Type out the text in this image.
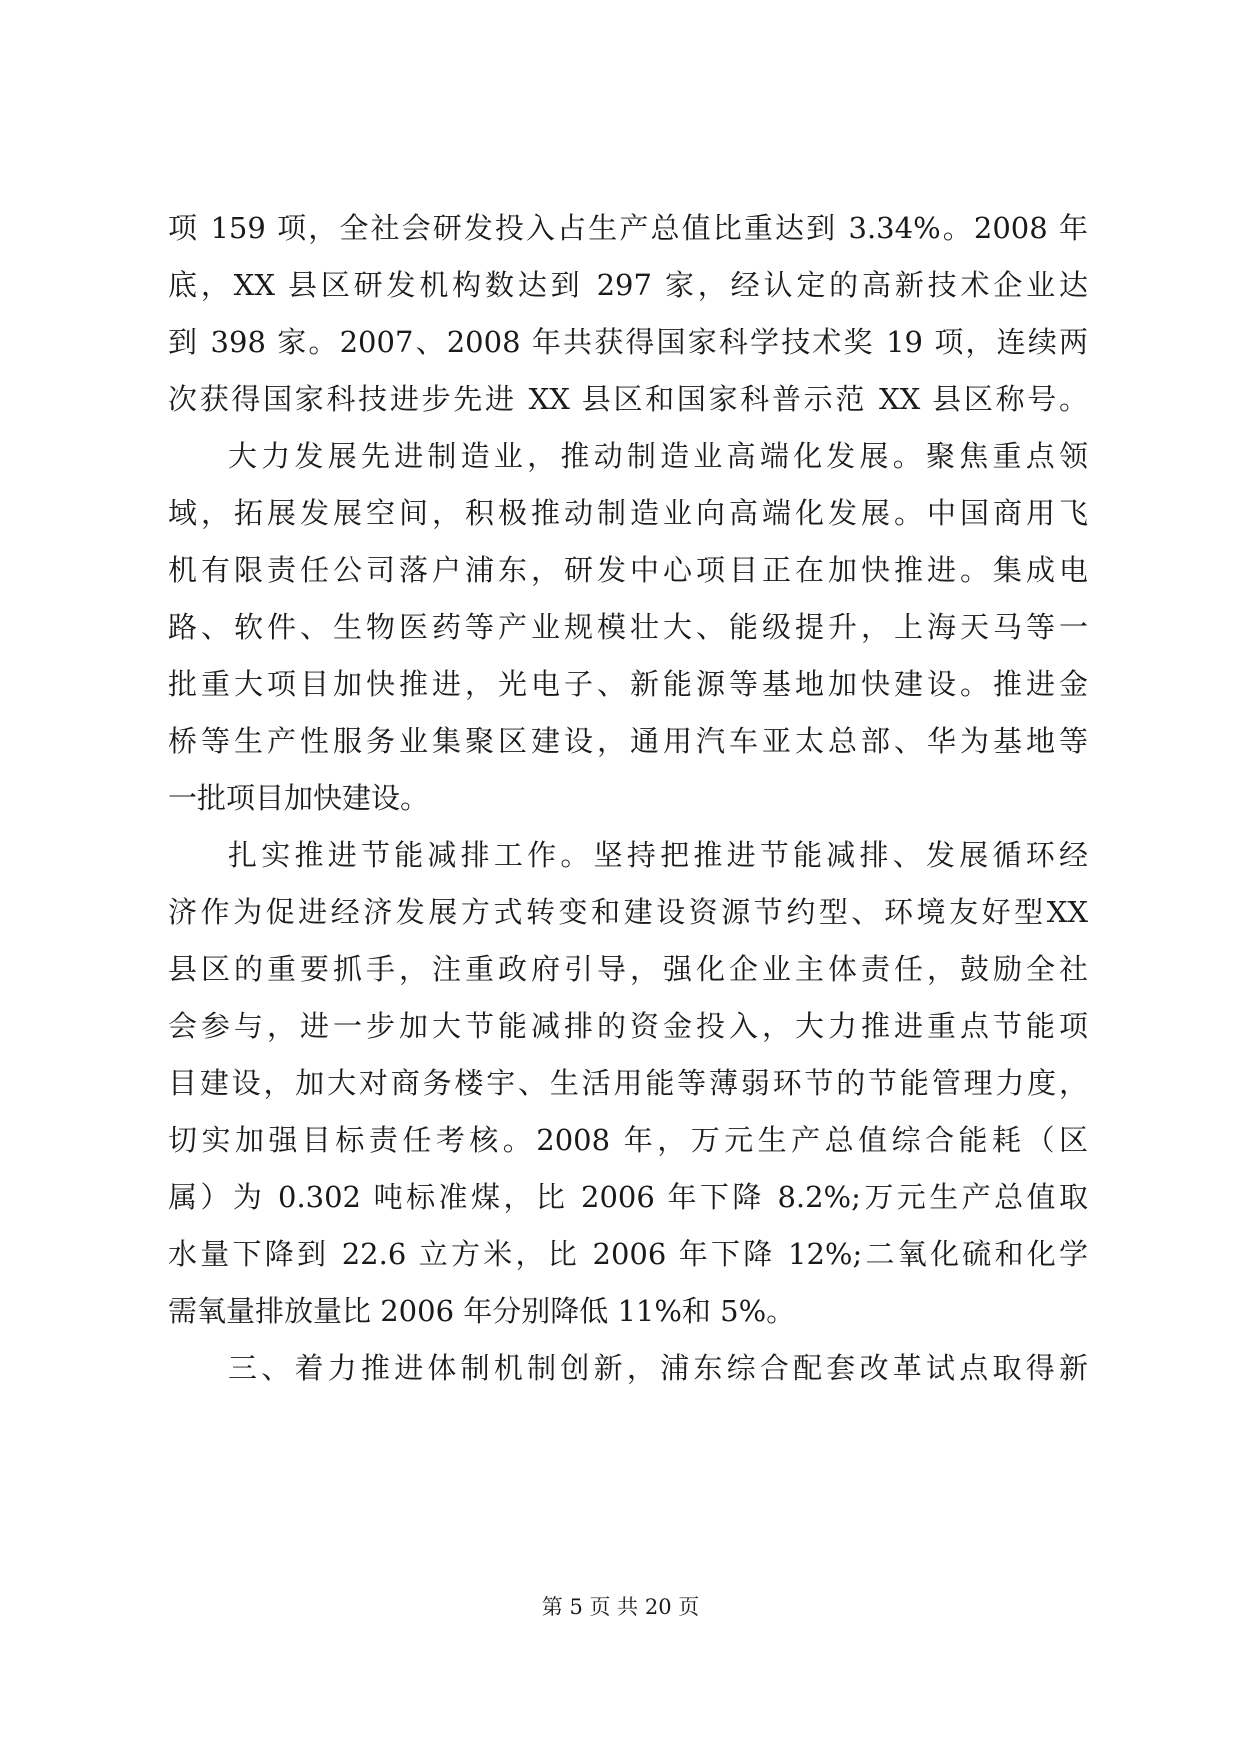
项 159 项，全社会研发投入占生产总值比重达到 3.34%。2008 年
底，XX 县区研发机构数达到 297 家，经认定的高新技术企业达
到 398 家。2007、2008 年共获得国家科学技术奖 19 项，连续两
次获得国家科技进步先进 XX 县区和国家科普示范 XX 县区称号。
大力发展先进制造业，推动制造业高端化发展。聚焦重点领
域，拓展发展空间，积极推动制造业向高端化发展。中国商用飞
机有限责任公司落户浦东，研发中心项目正在加快推进。集成电
路、软件、生物医药等产业规模壮大、能级提升，上海天马等一
批重大项目加快推进，光电子、新能源等基地加快建设。推进金
桥等生产性服务业集聚区建设，通用汽车亚太总部、华为基地等
一批项目加快建设。
扎实推进节能减排工作。坚持把推进节能减排、发展循环经
济作为促进经济发展方式转变和建设资源节约型、环境友好型XX
县区的重要抓手，注重政府引导，强化企业主体责任，鼓励全社
会参与，进一步加大节能减排的资金投入，大力推进重点节能项
目建设，加大对商务楼宇、生活用能等薄弱环节的节能管理力度，
切实加强目标责任考核。2008 年，万元生产总值综合能耗（区
属）为 0.302 吨标准煤，比 2006 年下降 8.2%;万元生产总值取
水量下降到 22.6 立方米，比 2006 年下降 12%;二氧化硫和化学
需氧量排放量比 2006 年分别降低 11%和 5%。
三、着力推进体制机制创新，浦东综合配套改革试点取得新
第 5 页 共 20 页
